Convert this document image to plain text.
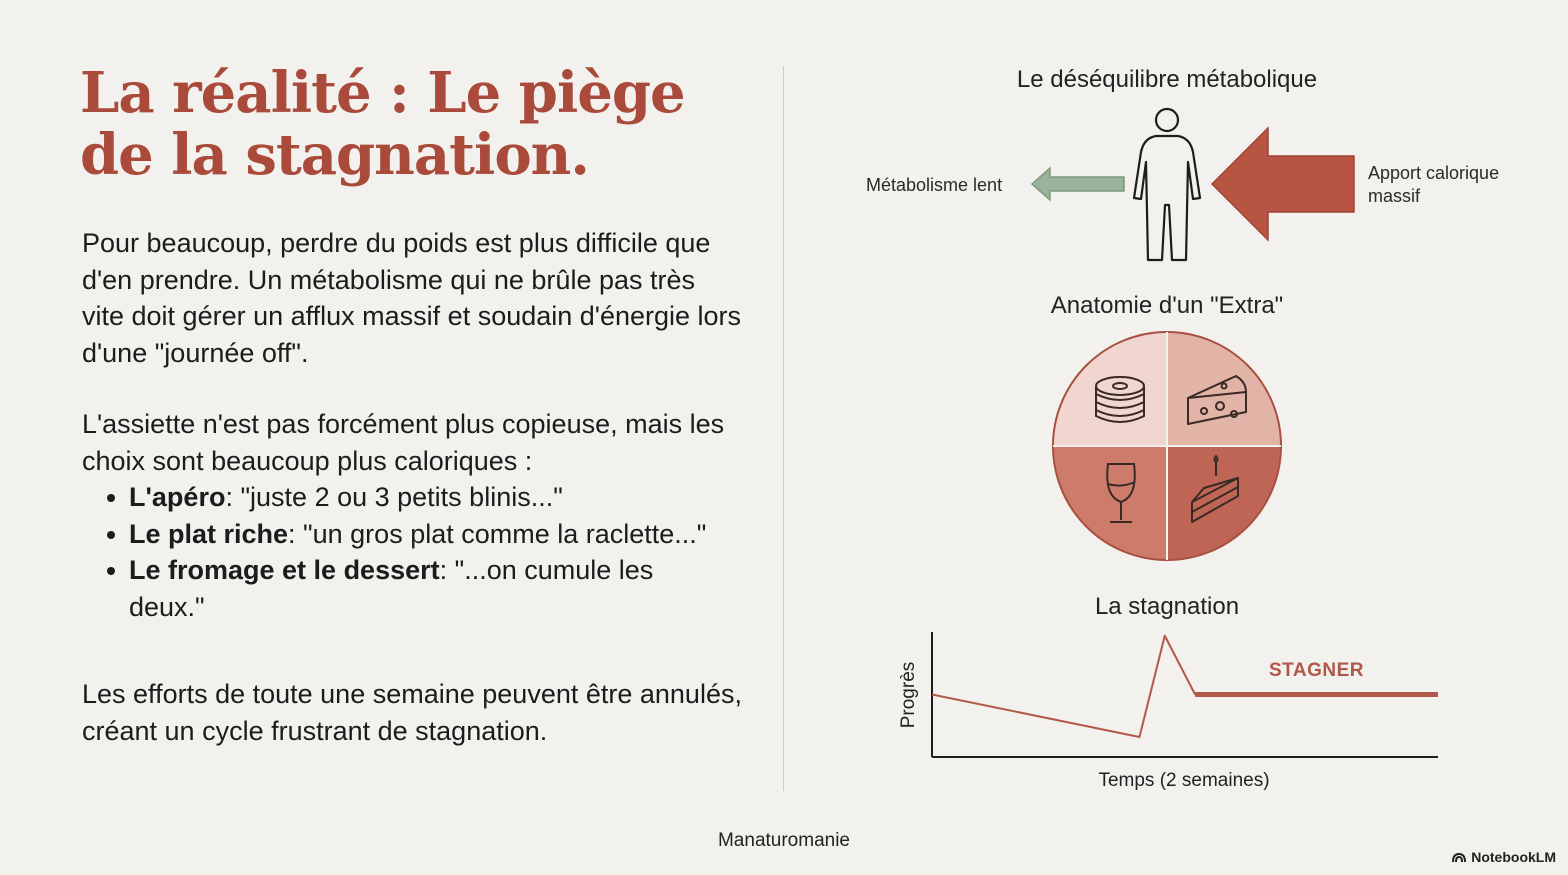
La réalité : Le piège de la stagnation.

Pour beaucoup, perdre du poids est plus difficile que d'en prendre. Un métabolisme qui ne brûle pas très vite doit gérer un afflux massif et soudain d'énergie lors d'une "journée off".

L'assiette n'est pas forcément plus copieuse, mais les choix sont beaucoup plus caloriques :

L'apéro: "juste 2 ou 3 petits blinis..."
Le plat riche: "un gros plat comme la raclette..."
Le fromage et le dessert: "...on cumule les deux."

Les efforts de toute une semaine peuvent être annulés, créant un cycle frustrant de stagnation.

Le déséquilibre métabolique
Métabolisme lent
Apport calorique massif
Anatomie d'un "Extra"
La stagnation
Progrès
Temps (2 semaines)
STAGNER
Manaturomanie
NotebookLM
